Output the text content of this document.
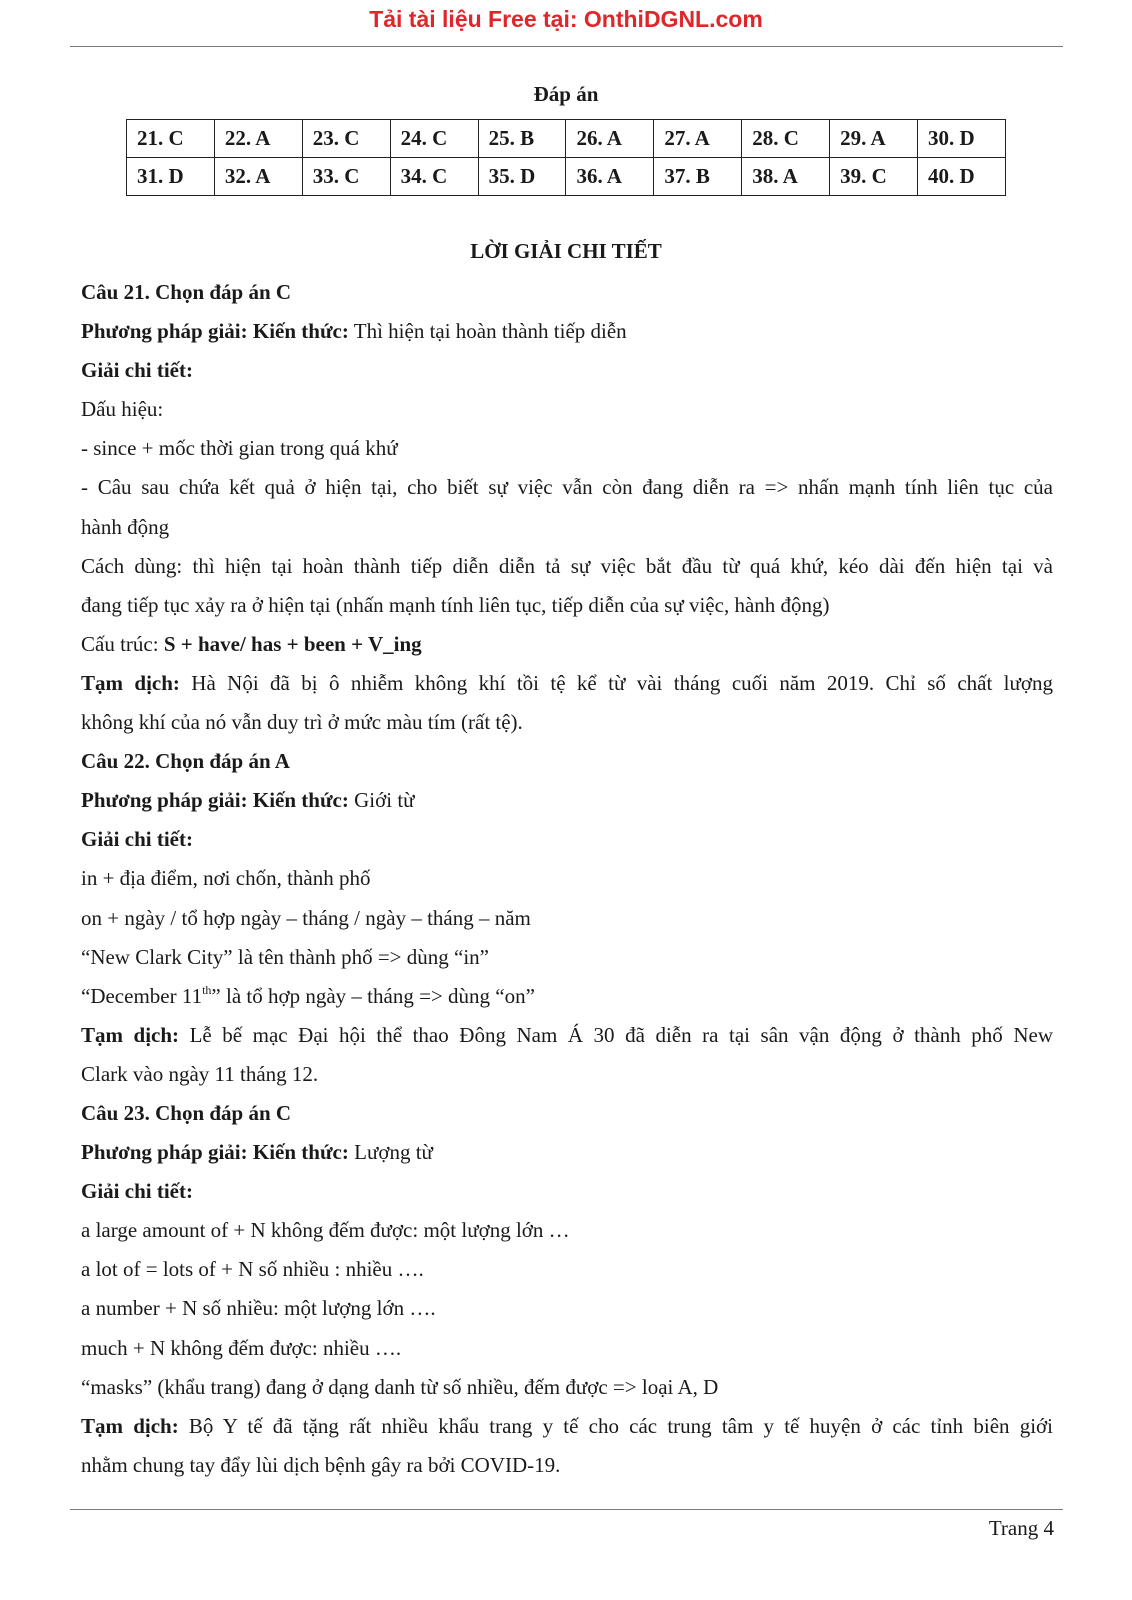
Tải tài liệu Free tại: OnthiDGNL.com
Đáp án
21. C	22. A	23. C	24. C	25. B	26. A	27. A	28. C	29. A	30. D
31. D	32. A	33. C	34. C	35. D	36. A	37. B	38. A	39. C	40. D
LỜI GIẢI CHI TIẾT
Câu 21. Chọn đáp án C
Phương pháp giải: Kiến thức: Thì hiện tại hoàn thành tiếp diễn
Giải chi tiết:
Dấu hiệu:
- since + mốc thời gian trong quá khứ
- Câu sau chứa kết quả ở hiện tại, cho biết sự việc vẫn còn đang diễn ra => nhấn mạnh tính liên tục của
hành động
Cách dùng: thì hiện tại hoàn thành tiếp diễn diễn tả sự việc bắt đầu từ quá khứ, kéo dài đến hiện tại và
đang tiếp tục xảy ra ở hiện tại (nhấn mạnh tính liên tục, tiếp diễn của sự việc, hành động)
Cấu trúc: S + have/ has + been + V_ing
Tạm dịch: Hà Nội đã bị ô nhiễm không khí tồi tệ kể từ vài tháng cuối năm 2019. Chỉ số chất lượng
không khí của nó vẫn duy trì ở mức màu tím (rất tệ).
Câu 22. Chọn đáp án A
Phương pháp giải: Kiến thức: Giới từ
Giải chi tiết:
in + địa điểm, nơi chốn, thành phố
on + ngày / tổ hợp ngày – tháng / ngày – tháng – năm
“New Clark City” là tên thành phố => dùng “in”
“December 11th” là tổ hợp ngày – tháng => dùng “on”
Tạm dịch: Lễ bế mạc Đại hội thể thao Đông Nam Á 30 đã diễn ra tại sân vận động ở thành phố New
Clark vào ngày 11 tháng 12.
Câu 23. Chọn đáp án C
Phương pháp giải: Kiến thức: Lượng từ
Giải chi tiết:
a large amount of + N không đếm được: một lượng lớn …
a lot of = lots of + N số nhiều : nhiều ….
a number + N số nhiều: một lượng lớn ….
much + N không đếm được: nhiều ….
“masks” (khẩu trang) đang ở dạng danh từ số nhiều, đếm được => loại A, D
Tạm dịch: Bộ Y tế đã tặng rất nhiều khẩu trang y tế cho các trung tâm y tế huyện ở các tỉnh biên giới
nhằm chung tay đẩy lùi dịch bệnh gây ra bởi COVID-19.
Trang 4
